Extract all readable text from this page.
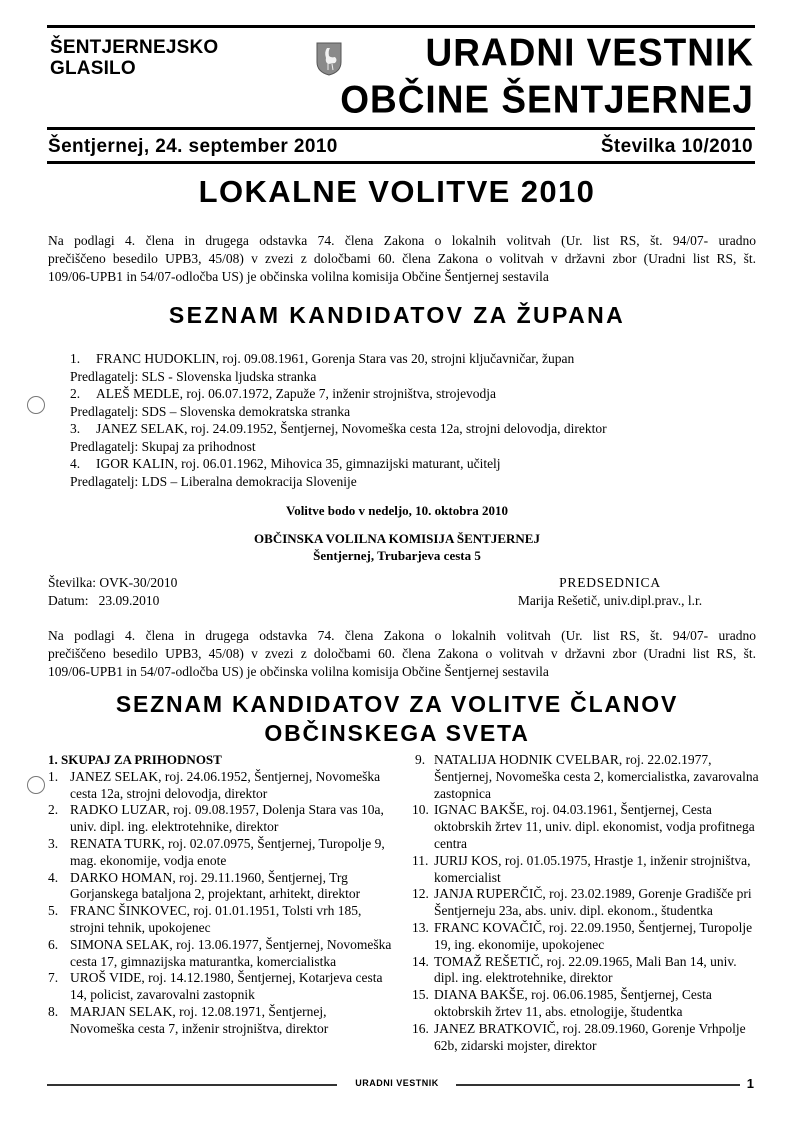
ŠENTJERNEJSKO
GLASILO	URADNI VESTNIK
OBČINE ŠENTJERNEJ
Šentjernej, 24. september 2010	Številka 10/2010
LOKALNE VOLITVE 2010
Na podlagi 4. člena in drugega odstavka 74. člena Zakona o lokalnih volitvah (Ur. list RS, št. 94/07- uradno
prečiščeno besedilo UPB3, 45/08) v zvezi z določbami 60. člena Zakona o volitvah v državni zbor (Uradni list RS, št.
109/06-UPB1 in 54/07-odločba US) je občinska volilna komisija Občine Šentjernej sestavila
SEZNAM KANDIDATOV ZA ŽUPANA
1.	FRANC HUDOKLIN, roj. 09.08.1961, Gorenja Stara vas 20, strojni ključavničar, župan
Predlagatelj: SLS - Slovenska ljudska stranka
2.	ALEŠ MEDLE, roj. 06.07.1972, Zapuže 7, inženir strojništva, strojevodja
Predlagatelj: SDS – Slovenska demokratska stranka
3.	JANEZ SELAK, roj. 24.09.1952, Šentjernej, Novomeška cesta 12a, strojni delovodja, direktor
Predlagatelj: Skupaj za prihodnost
4.	IGOR KALIN, roj. 06.01.1962, Mihovica 35, gimnazijski maturant, učitelj
Predlagatelj: LDS – Liberalna demokracija Slovenije
Volitve bodo v nedeljo, 10. oktobra 2010
OBČINSKA VOLILNA KOMISIJA ŠENTJERNEJ
Šentjernej, Trubarjeva cesta 5
Številka: OVK-30/2010
Datum:   23.09.2010
PREDSEDNICA
Marija Rešetič, univ.dipl.prav., l.r.
Na podlagi 4. člena in drugega odstavka 74. člena Zakona o lokalnih volitvah (Ur. list RS, št. 94/07- uradno
prečiščeno besedilo UPB3, 45/08) v zvezi z določbami 60. člena Zakona o volitvah v državni zbor (Uradni list RS, št.
109/06-UPB1 in 54/07-odločba US) je občinska volilna komisija Občine Šentjernej sestavila
SEZNAM KANDIDATOV ZA VOLITVE ČLANOV
OBČINSKEGA SVETA
1. SKUPAJ ZA PRIHODNOST
1. JANEZ SELAK, roj. 24.06.1952, Šentjernej, Novomeška cesta 12a, strojni delovodja, direktor
2. RADKO LUZAR, roj. 09.08.1957, Dolenja Stara vas 10a, univ. dipl. ing. elektrotehnike, direktor
3. RENATA TURK, roj. 02.07.0975, Šentjernej, Turopolje 9, mag. ekonomije, vodja enote
4. DARKO HOMAN, roj. 29.11.1960, Šentjernej, Trg Gorjanskega bataljona 2, projektant, arhitekt, direktor
5. FRANC ŠINKOVEC, roj. 01.01.1951, Tolsti vrh 185, strojni tehnik, upokojenec
6. SIMONA SELAK, roj. 13.06.1977, Šentjernej, Novomeška cesta 17, gimnazijska maturantka, komercialistka
7. UROŠ VIDE, roj. 14.12.1980, Šentjernej, Kotarjeva cesta 14, policist, zavarovalni zastopnik
8. MARJAN SELAK, roj. 12.08.1971, Šentjernej, Novomeška cesta 7, inženir strojništva, direktor
9. NATALIJA HODNIK CVELBAR, roj. 22.02.1977, Šentjernej, Novomeška cesta 2, komercialistka, zavarovalna zastopnica
10. IGNAC BAKŠE, roj. 04.03.1961, Šentjernej, Cesta oktobrskih žrtev 11, univ. dipl. ekonomist, vodja profitnega centra
11. JURIJ KOS, roj. 01.05.1975, Hrastje 1, inženir strojništva, komercialist
12. JANJA RUPERČIČ, roj. 23.02.1989, Gorenje Gradišče pri Šentjerneju 23a, abs. univ. dipl. ekonom., študentka
13. FRANC KOVAČIČ, roj. 22.09.1950, Šentjernej, Turopolje 19, ing. ekonomije, upokojenec
14. TOMAŽ REŠETIČ, roj. 22.09.1965, Mali Ban 14, univ. dipl. ing. elektrotehnike, direktor
15. DIANA BAKŠE, roj. 06.06.1985, Šentjernej, Cesta oktobrskih žrtev 11, abs. etnologije, študentka
16. JANEZ BRATKOVIČ, roj. 28.09.1960, Gorenje Vrhpolje 62b, zidarski mojster, direktor
URADNI VESTNIK	1
